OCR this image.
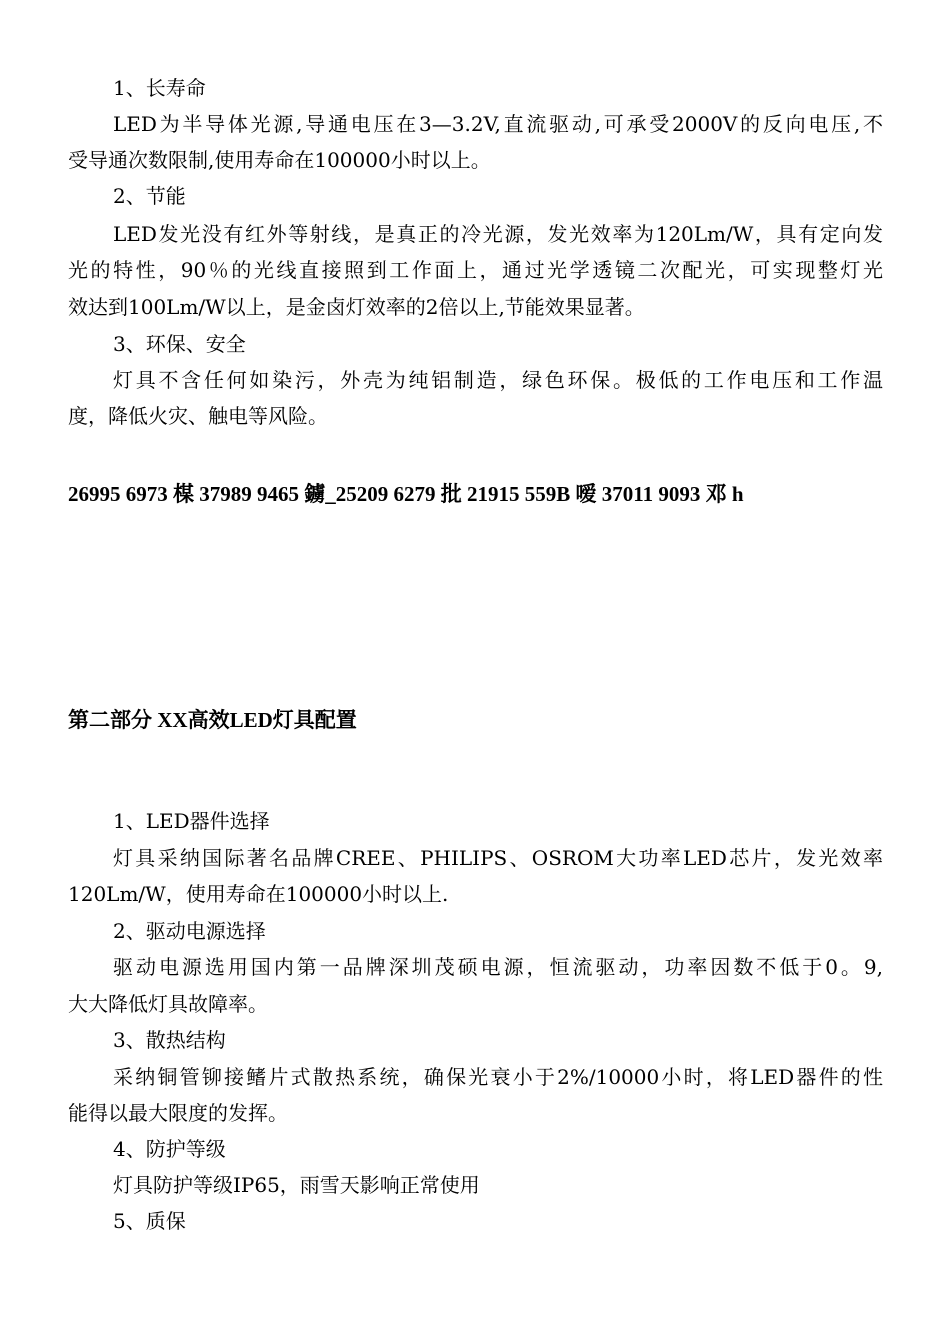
1、长寿命
LED为半导体光源,导通电压在3—3.2V,直流驱动,可承受2000V的反向电压,不
受导通次数限制,使用寿命在100000小时以上。
2、节能
LED发光没有红外等射线，是真正的冷光源，发光效率为120Lm/W，具有定向发
光的特性，90％的光线直接照到工作面上，通过光学透镜二次配光，可实现整灯光
效达到100Lm/W以上，是金卤灯效率的2倍以上,节能效果显著。
3、环保、安全
灯具不含任何如染污，外壳为纯铝制造，绿色环保。极低的工作电压和工作温
度，降低火灾、触电等风险。
26995 6973 楳 37989 9465 鐪_25209 6279 批 21915 559B 嗳 37011 9093 邓 h
第二部分 XX高效LED灯具配置
1、LED器件选择
灯具采纳国际著名品牌CREE、PHILIPS、OSROM大功率LED芯片，发光效率
120Lm/W，使用寿命在100000小时以上.
2、驱动电源选择
驱动电源选用国内第一品牌深圳茂硕电源，恒流驱动，功率因数不低于0。9,
大大降低灯具故障率。
3、散热结构
采纳铜管铆接鳍片式散热系统，确保光衰小于2%/10000小时，将LED器件的性
能得以最大限度的发挥。
4、防护等级
灯具防护等级IP65，雨雪天影响正常使用
5、质保
